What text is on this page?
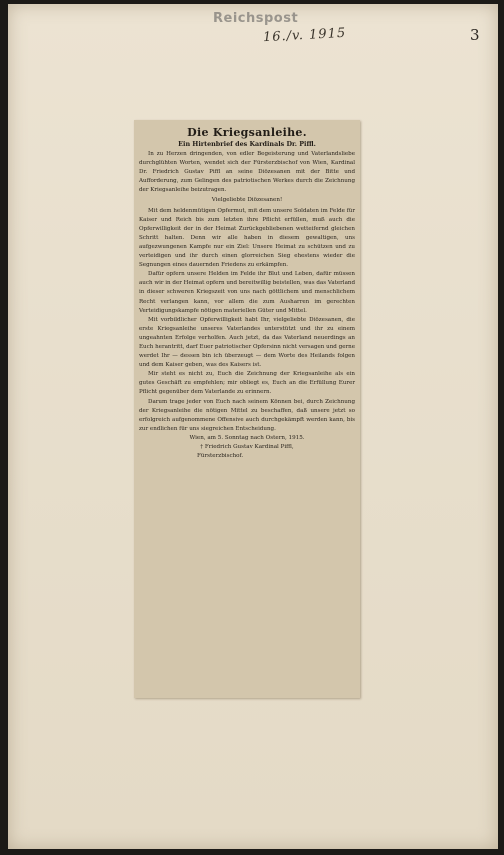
Reichspost
16./v. 1915	3
Die Kriegsanleihe.
Ein Hirtenbrief des Kardinals Dr. Piffl.

In zu Herzen dringenden, von edler Begeisterung und Vaterlandsliebe durchglühten Worten, wendet sich der Fürsterzbischof von Wien, Kardinal Dr. Friedrich Gustav Piffl an seine Diözesanen mit der Bitte und Aufforderung, zum Gelingen des patriotischen Werkes durch die Zeichnung der Kriegsanleihe beizutragen.

Vielgeliebte Diözesanen!

Mit dem heldenmütigen Opfermut, mit dem unsere Soldaten im Felde für Kaiser und Reich bis zum letzten ihre Pflicht erfüllen, muß auch die Opferwilligkeit der in der Heimat Zurückgebliebenen wetteifernd gleichen Schritt halten. Denn wir alle haben in diesem gewaltigen, uns aufgezwungenen Kampfe nur ein Ziel: Unsere Heimat zu schützen und zu verteidigen und ihr durch einen glorreichen Sieg ehestens wieder die Segnungen eines dauernden Friedens zu erkämpfen.

Dafür opfern unsere Helden im Felde ihr Blut und Leben, dafür müssen auch wir in der Heimat opfern und bereitwillig beistellen, was das Vaterland in dieser schweren Kriegszeit von uns nach göttlichem und menschlichem Recht verlangen kann, vor allem die zum Ausharren im gerechten Verteidigungskampfe nötigen materiellen Güter und Mittel.

Mit vorbildlicher Opferwilligkeit habt Ihr, vielgeliebte Diözesanen, die erste Kriegsanleihe unseres Vaterlandes unterstützt und ihr zu einem ungeahnten Erfolge verholfen. Auch jetzt, da das Vaterland neuerdings an Euch herantritt, darf Euer patriotischer Opfersinn nicht versagen und gerne werdet Ihr — dessen bin ich überzeugt — dem Worte des Heilands folgen und dem Kaiser geben, was des Kaisers ist.

Mir steht es nicht zu, Euch die Zeichnung der Kriegsanleihe als ein gutes Geschäft zu empfehlen; mir obliegt es, Euch an die Erfüllung Eurer Pflicht gegenüber dem Vaterlande zu erinnern.

Darum trage jeder von Euch nach seinem Können bei, durch Zeichnung der Kriegsanleihe die nötigen Mittel zu beschaffen, daß unsere jetzt so erfolgreich aufgenommene Offensive auch durchgekämpft werden kann, bis zur endlichen für uns siegreichen Entscheidung.

Wien, am 5. Sonntag nach Ostern, 1915.

† Friedrich Gustav Kardinal Piffl,

Fürsterzbischof.
